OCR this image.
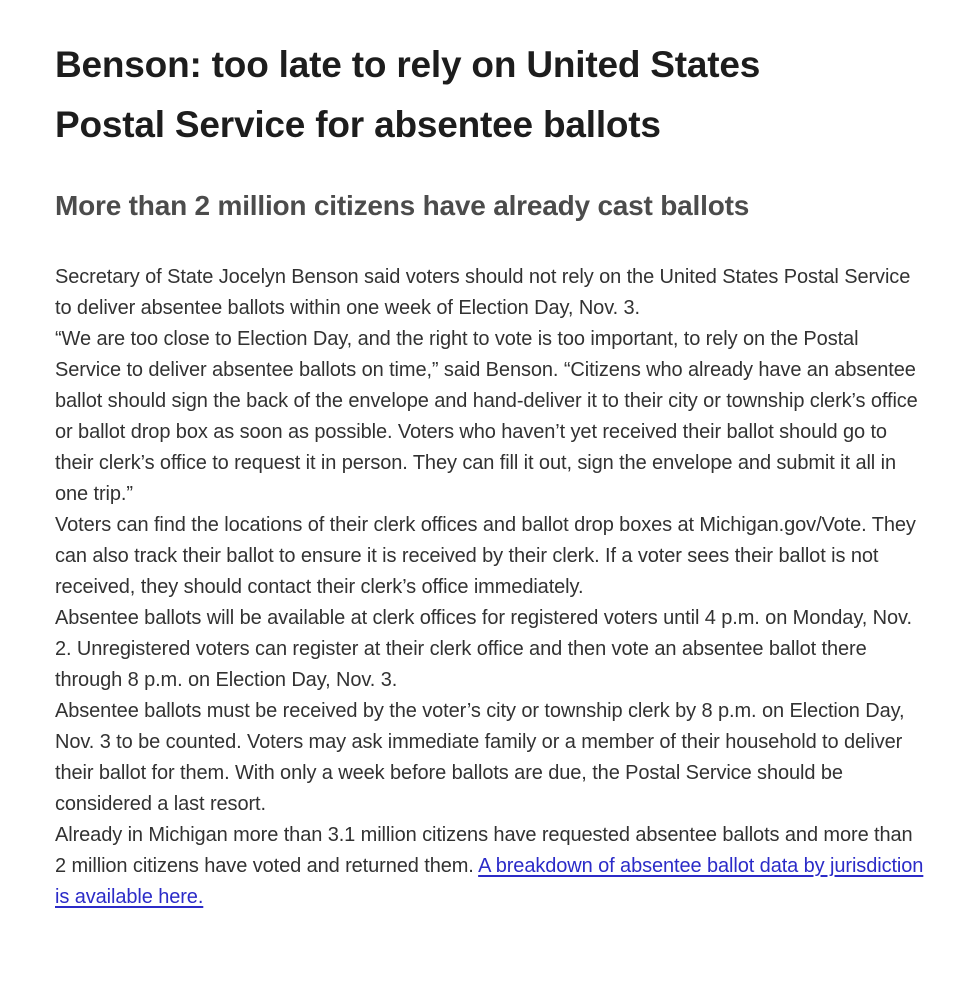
Benson: too late to rely on United States
Postal Service for absentee ballots
More than 2 million citizens have already cast ballots

Secretary of State Jocelyn Benson said voters should not rely on the United States Postal Service to deliver absentee ballots within one week of Election Day, Nov. 3.

“We are too close to Election Day, and the right to vote is too important, to rely on the Postal Service to deliver absentee ballots on time,” said Benson. “Citizens who already have an absentee ballot should sign the back of the envelope and hand-deliver it to their city or township clerk’s office or ballot drop box as soon as possible. Voters who haven’t yet received their ballot should go to their clerk’s office to request it in person. They can fill it out, sign the envelope and submit it all in one trip.”

Voters can find the locations of their clerk offices and ballot drop boxes at Michigan.gov/Vote. They can also track their ballot to ensure it is received by their clerk. If a voter sees their ballot is not received, they should contact their clerk’s office immediately.

Absentee ballots will be available at clerk offices for registered voters until 4 p.m. on Monday, Nov. 2. Unregistered voters can register at their clerk office and then vote an absentee ballot there through 8 p.m. on Election Day, Nov. 3.

Absentee ballots must be received by the voter’s city or township clerk by 8 p.m. on Election Day, Nov. 3 to be counted. Voters may ask immediate family or a member of their household to deliver their ballot for them. With only a week before ballots are due, the Postal Service should be considered a last resort.

Already in Michigan more than 3.1 million citizens have requested absentee ballots and more than 2 million citizens have voted and returned them. A breakdown of absentee ballot data by jurisdiction is available here.
